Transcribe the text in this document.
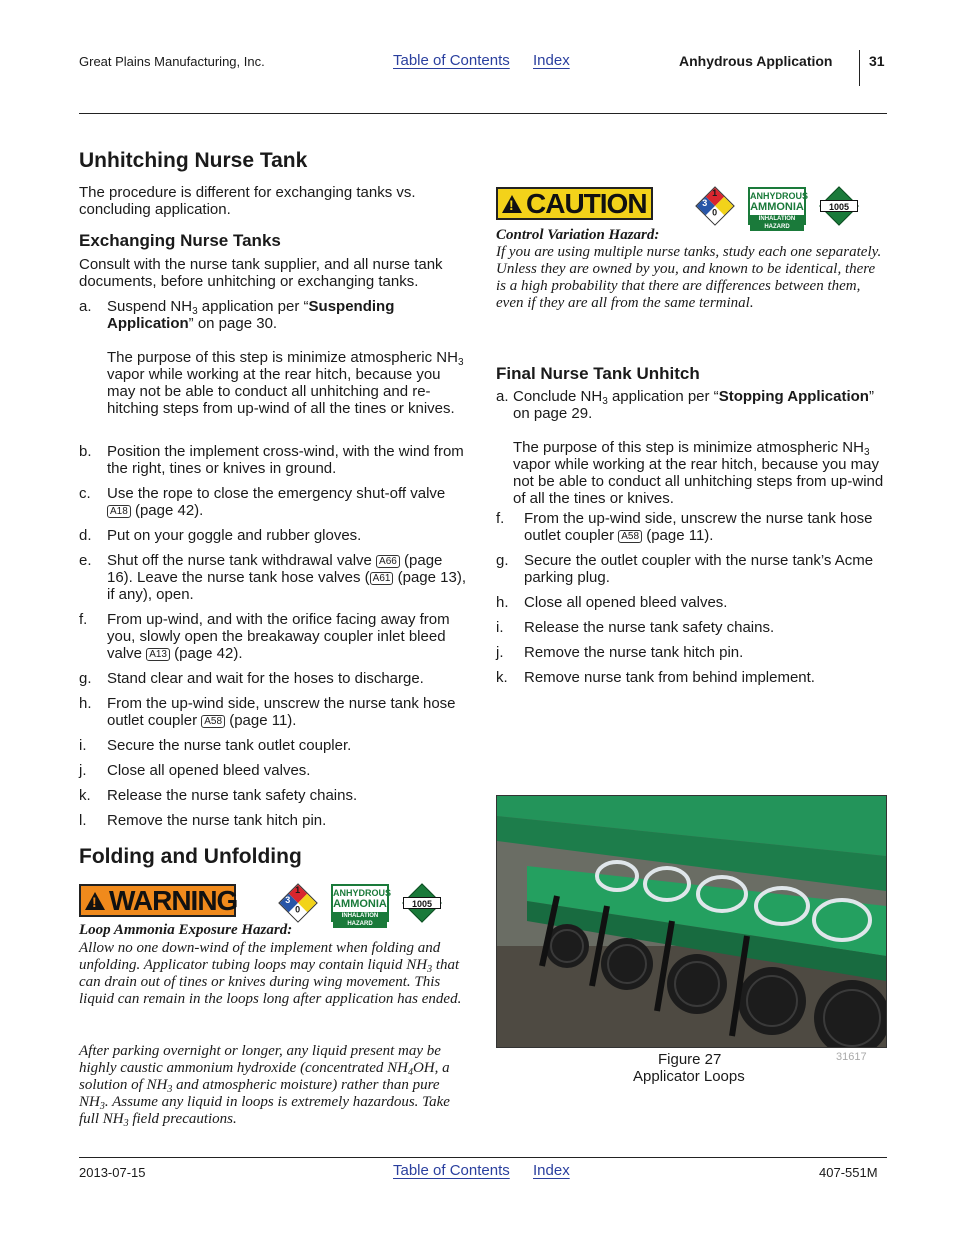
Great Plains Manufacturing, Inc.	Table of Contents Index	Anhydrous Application	31
Unhitching Nurse Tank
The procedure is different for exchanging tanks vs. concluding application.
Exchanging Nurse Tanks
Consult with the nurse tank supplier, and all nurse tank documents, before unhitching or exchanging tanks.
a. Suspend $NH_3$ application per “Suspending Application” on page 30.

The purpose of this step is minimize atmospheric $NH_3$ vapor while working at the rear hitch, because you may not be able to conduct all unhitching and re-hitching steps from up-wind of all the tines or knives.
b. Position the implement cross-wind, with the wind from the right, tines or knives in ground.
c. Use the rope to close the emergency shut-off valve A18 (page 42).
d. Put on your goggle and rubber gloves.
e. Shut off the nurse tank withdrawal valve A66 (page 16). Leave the nurse tank hose valves ( A61 (page 13), if any), open.
f. From up-wind, and with the orifice facing away from you, slowly open the breakaway coupler inlet bleed valve A13 (page 42).
g. Stand clear and wait for the hoses to discharge.
h. From the up-wind side, unscrew the nurse tank hose outlet coupler A58 (page 11).
i. Secure the nurse tank outlet coupler.
j. Close all opened bleed valves.
k. Release the nurse tank safety chains.
l. Remove the nurse tank hitch pin.
Folding and Unfolding
!
WARNING	1
3
0
ANHYDROUS
AMMONIA
INHALATION HAZARD
1005
Loop Ammonia Exposure Hazard:
Allow no one down-wind of the implement when folding and unfolding. Applicator tubing loops may contain liquid $NH_3$ that can drain out of tines or knives during wing movement. This liquid can remain in the loops long after application has ended.
After parking overnight or longer, any liquid present may be highly caustic ammonium hydroxide (concentrated $NH_4OH$, a solution of $NH_3$ and atmospheric moisture) rather than pure $NH_3$. Assume any liquid in loops is extremely hazardous. Take full $NH_3$ field precautions.
!
CAUTION	1
3
0
ANHYDROUS
AMMONIA
INHALATION HAZARD
1005
Control Variation Hazard:
If you are using multiple nurse tanks, study each one separately. Unless they are owned by you, and known to be identical, there is a high probability that there are differences between them, even if they are all from the same terminal.
Final Nurse Tank Unhitch
a. Conclude $NH_3$ application per “Stopping Application” on page 29.

The purpose of this step is minimize atmospheric $NH_3$ vapor while working at the rear hitch, because you may not be able to conduct all unhitching steps from up-wind of all the tines or knives.
f. From the up-wind side, unscrew the nurse tank hose outlet coupler A58 (page 11).
g. Secure the outlet coupler with the nurse tank’s Acme parking plug.
h. Close all opened bleed valves.
i. Release the nurse tank safety chains.
j. Remove the nurse tank hitch pin.
k. Remove nurse tank from behind implement.
Figure 27
Applicator Loops
31617
2013-07-15	Table of Contents Index	407-551M
